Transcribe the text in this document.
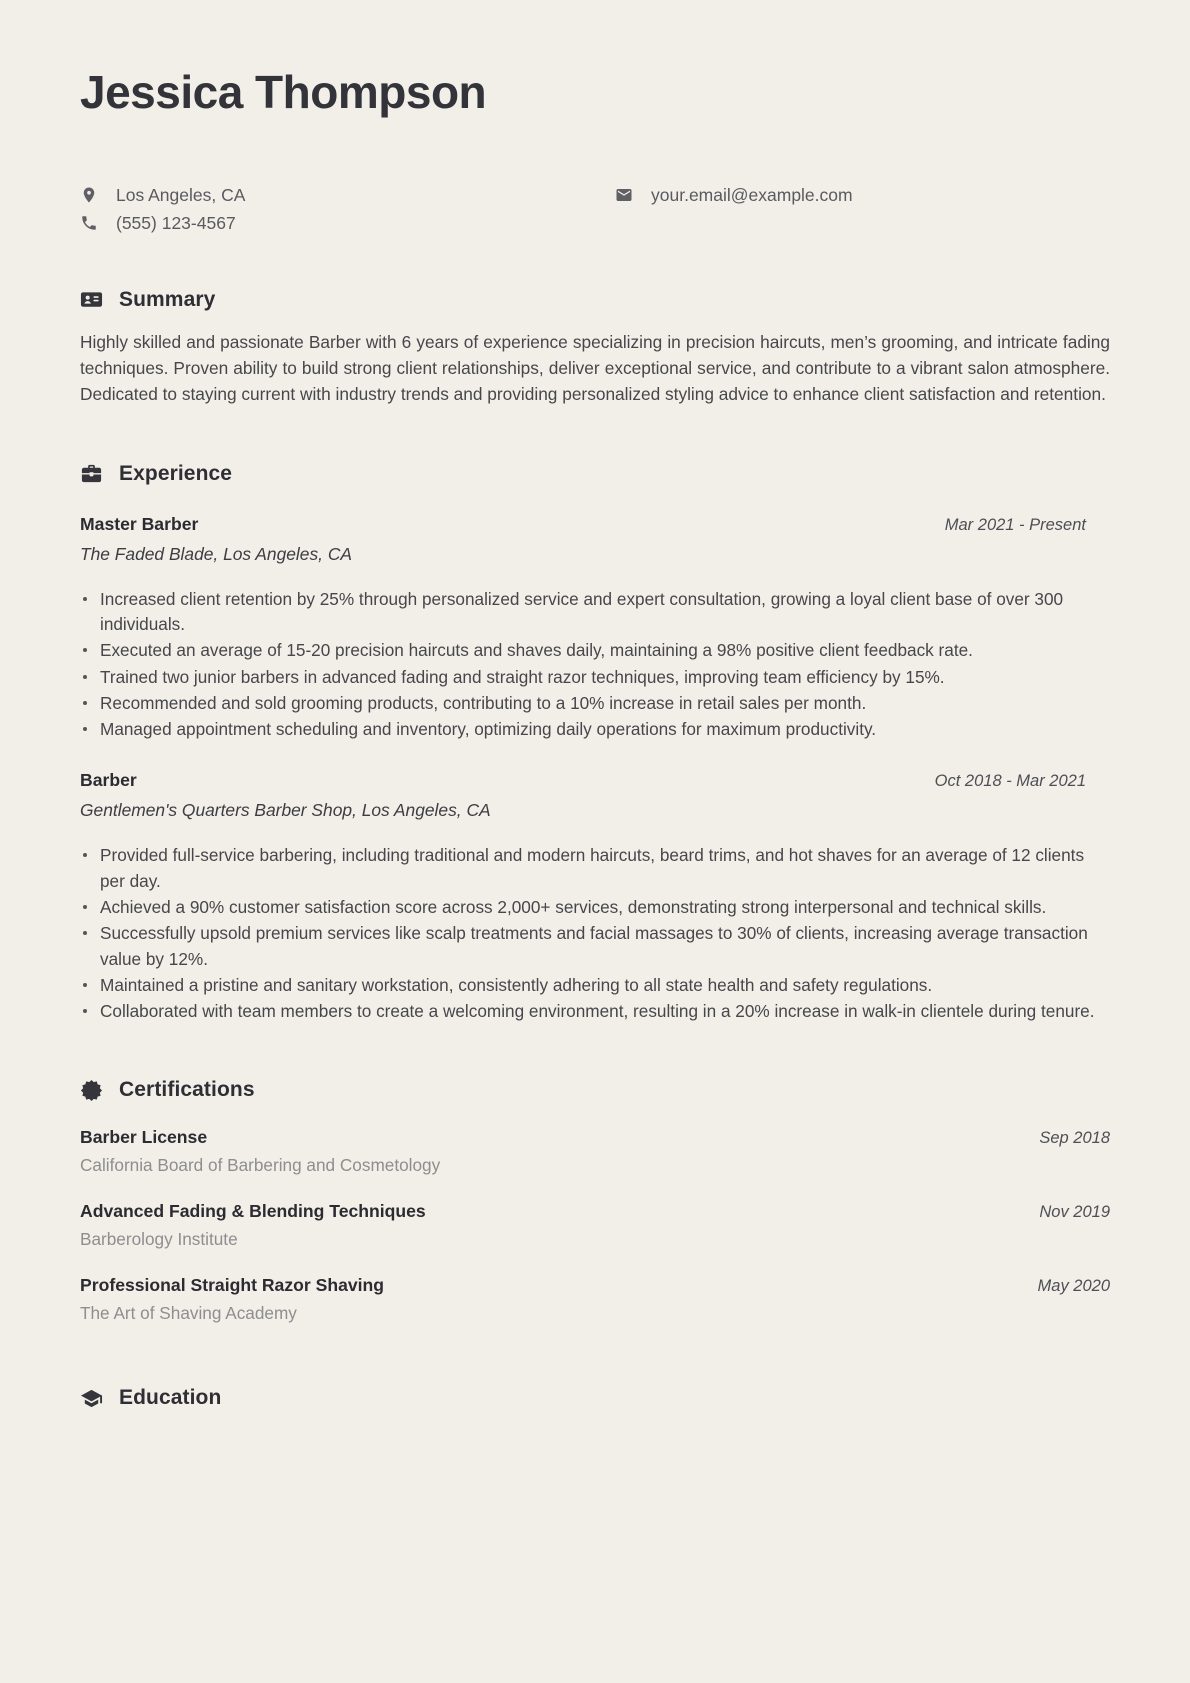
Jessica Thompson
Los Angeles, CA
(555) 123-4567
your.email@example.com
Summary

Highly skilled and passionate Barber with 6 years of experience specializing in precision haircuts, men’s grooming, and intricate fading techniques. Proven ability to build strong client relationships, deliver exceptional service, and contribute to a vibrant salon atmosphere. Dedicated to staying current with industry trends and providing personalized styling advice to enhance client satisfaction and retention.

Experience
Master Barber	Mar 2021 - Present
The Faded Blade, Los Angeles, CA
Increased client retention by 25% through personalized service and expert consultation, growing a loyal client base of over 300 individuals.
Executed an average of 15-20 precision haircuts and shaves daily, maintaining a 98% positive client feedback rate.
Trained two junior barbers in advanced fading and straight razor techniques, improving team efficiency by 15%.
Recommended and sold grooming products, contributing to a 10% increase in retail sales per month.
Managed appointment scheduling and inventory, optimizing daily operations for maximum productivity.
Barber	Oct 2018 - Mar 2021
Gentlemen's Quarters Barber Shop, Los Angeles, CA
Provided full-service barbering, including traditional and modern haircuts, beard trims, and hot shaves for an average of 12 clients per day.
Achieved a 90% customer satisfaction score across 2,000+ services, demonstrating strong interpersonal and technical skills.
Successfully upsold premium services like scalp treatments and facial massages to 30% of clients, increasing average transaction value by 12%.
Maintained a pristine and sanitary workstation, consistently adhering to all state health and safety regulations.
Collaborated with team members to create a welcoming environment, resulting in a 20% increase in walk-in clientele during tenure.
Certifications
Barber License	Sep 2018
California Board of Barbering and Cosmetology
Advanced Fading & Blending Techniques	Nov 2019
Barberology Institute
Professional Straight Razor Shaving	May 2020
The Art of Shaving Academy
Education
